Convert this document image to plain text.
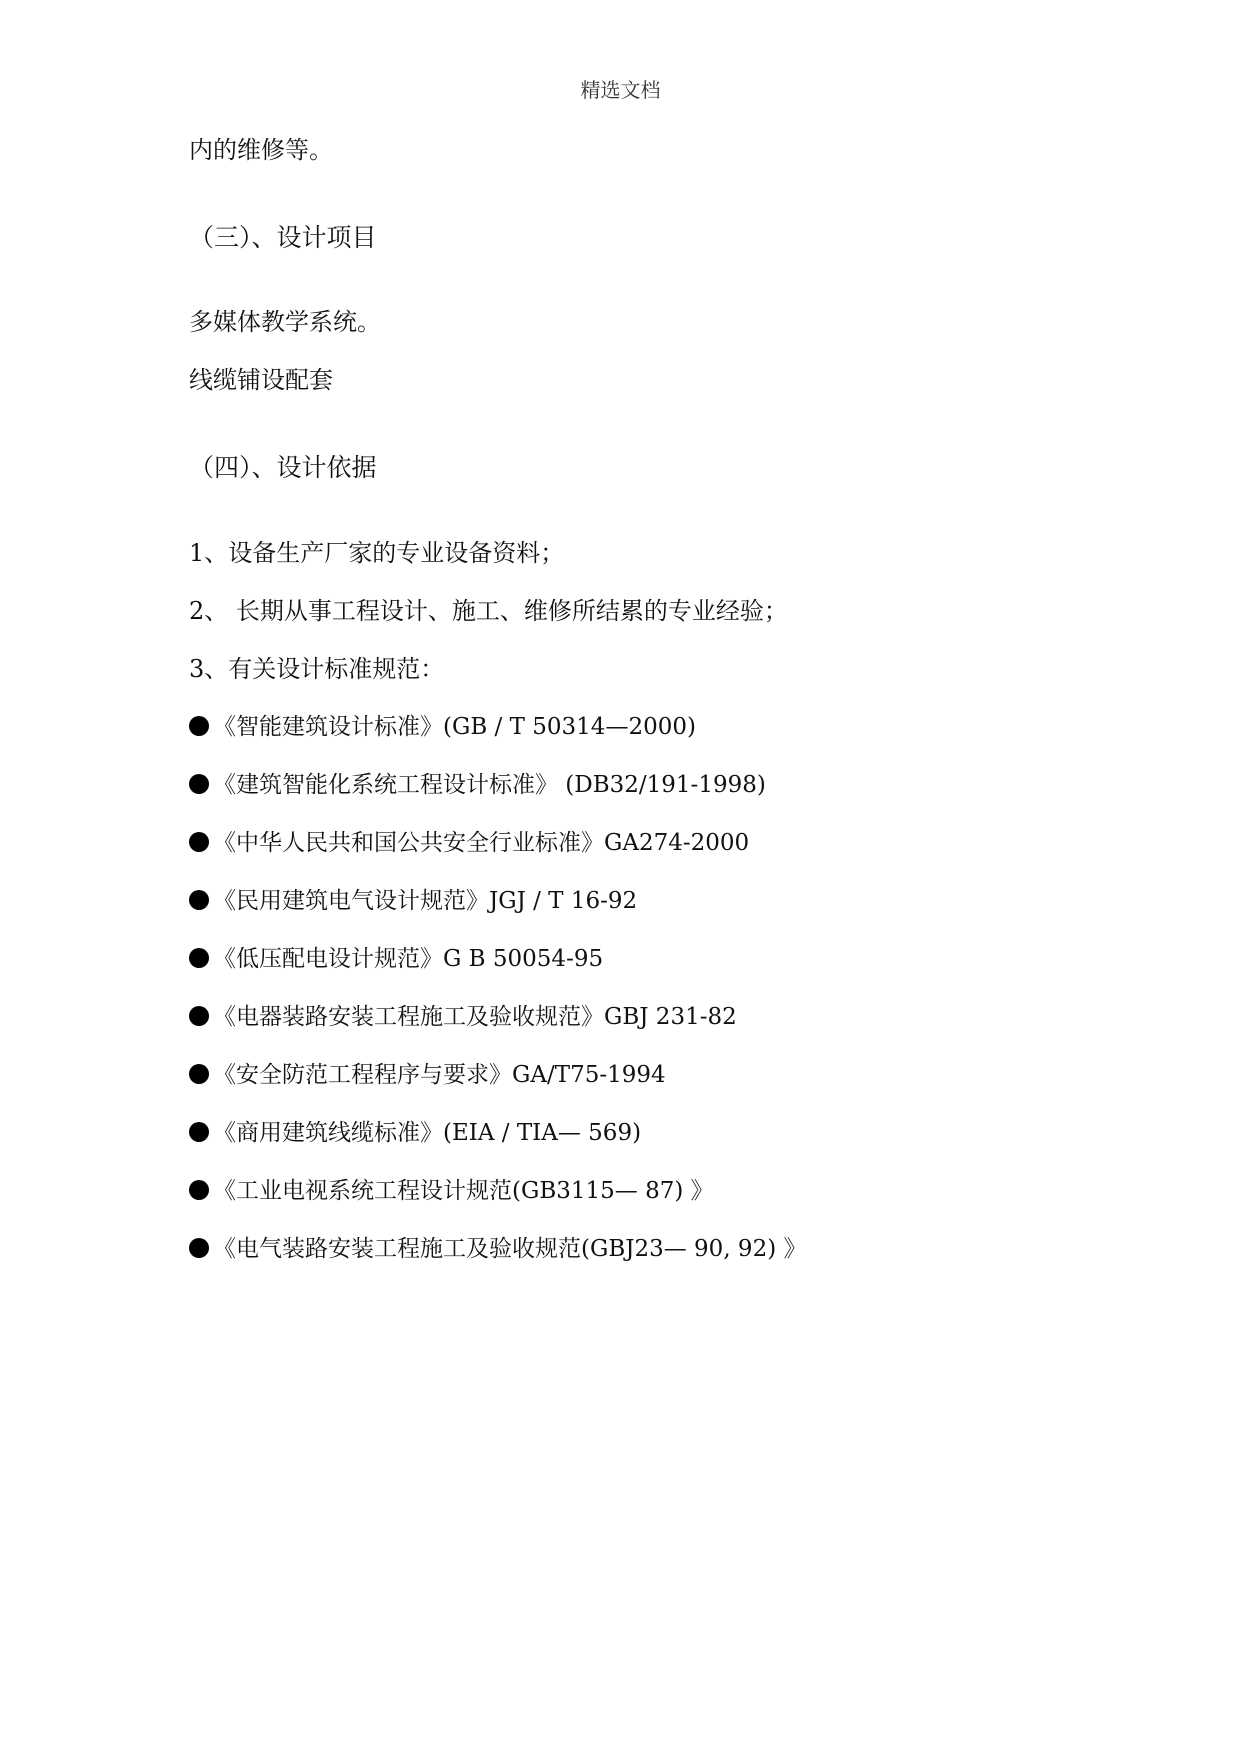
精选文档
内的维修等。
（三）、设计项目
多媒体教学系统。
线缆铺设配套
（四）、设计依据
1、设备生产厂家的专业设备资料；
2、 长期从事工程设计、施工、维修所结累的专业经验；
3、有关设计标准规范：
《智能建筑设计标准》(GB / T 50314—2000)
《建筑智能化系统工程设计标准》 (DB32/191-1998)
《中华人民共和国公共安全行业标准》GA274-2000
《民用建筑电气设计规范》JGJ / T 16-92
《低压配电设计规范》G B 50054-95
《电器装路安装工程施工及验收规范》GBJ 231-82
《安全防范工程程序与要求》GA/T75-1994
《商用建筑线缆标准》(EIA / TIA— 569)
《工业电视系统工程设计规范(GB3115— 87) 》
《电气装路安装工程施工及验收规范(GBJ23— 90, 92) 》
